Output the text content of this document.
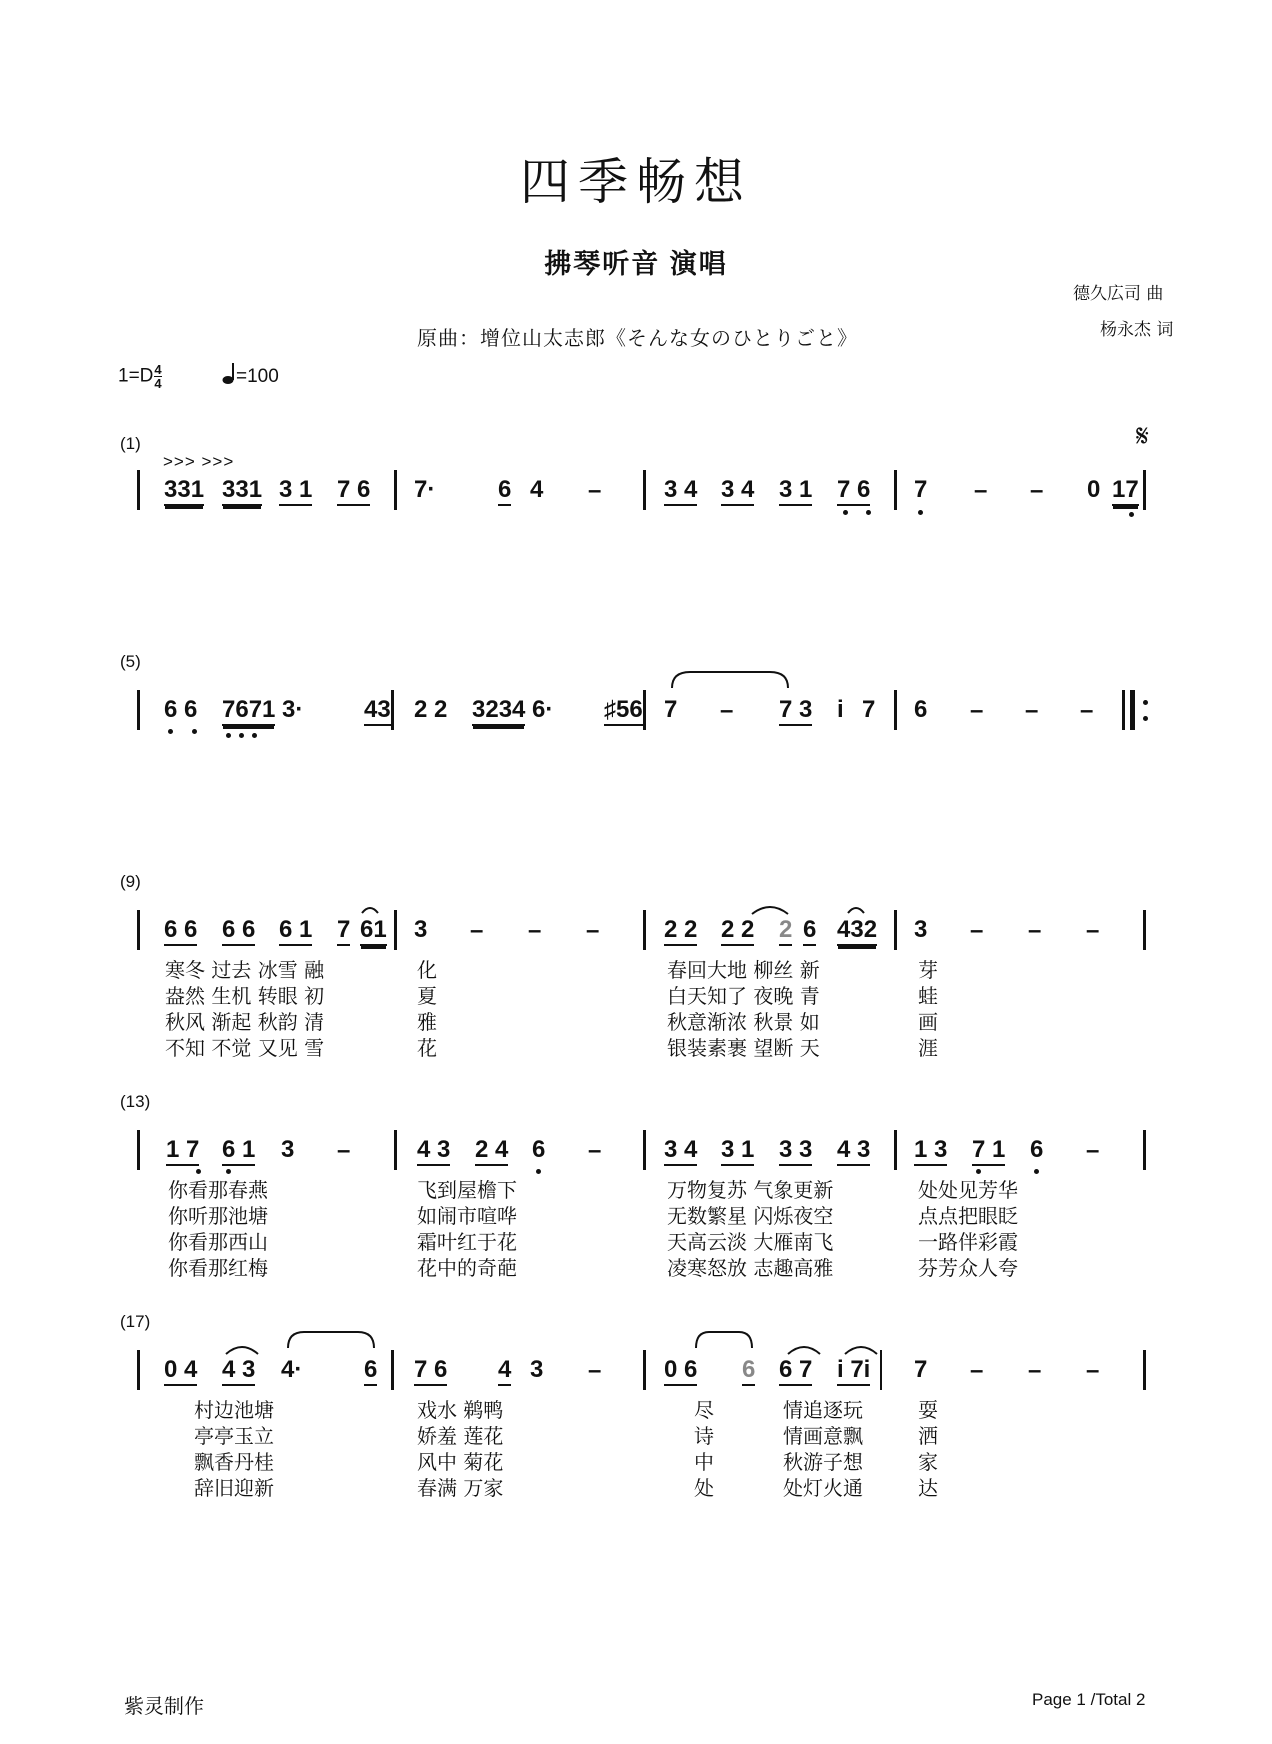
四季畅想
拂琴听音 演唱
德久広司 曲
杨永杰 词
原曲：增位山太志郎《そんな女のひとりごと》
$1=D \frac{4}{4}$	=100
(1)
>>> >>>
𝄋
331 331 3 1 7 6 7·	6 4 –	3 4 3 4 3 1 7 6 7 – – 0 17
(5)
6 6 7671 3·	43 2 2 3234 6· ♯56 7 – 7 3 i 7 6 – – –
(9)
6 6 6 6 6 1 7 61 3 – – –	2 2 2 2 2 6 432 3 – – –
寒冬 过去 冰雪 融	化	春回大地 柳丝 新	芽
盎然 生机 转眼 初	夏	白天知了 夜晚 青	蛙
秋风 渐起 秋韵 清	雅	秋意渐浓 秋景 如	画
不知 不觉 又见 雪	花	银装素裹 望断 天	涯
(13)
1 7 6 1 3 –	4 3 2 4 6 –	3 4 3 1 3 3 4 3 1 3 7 1 6 –
你看那春燕	飞到屋檐下	万物复苏 气象更新	处处见芳华
你听那池塘	如闹市喧哗	无数繁星 闪烁夜空	点点把眼眨
你看那西山	霜叶红于花	天高云淡 大雁南飞	一路伴彩霞
你看那红梅	花中的奇葩	凌寒怒放 志趣高雅	芬芳众人夸
(17)
0 4 4 3 4·	6 7 6 4 3 –	0 6 6 6 7 i 7i 7 – – –
村边池塘	戏水 鹈鸭	尽	情追逐玩	耍
亭亭玉立	娇羞 莲花	诗	情画意飘	洒
飘香丹桂	风中 菊花	中	秋游子想	家
辞旧迎新	春满 万家	处	处灯火通	达
紫灵制作	Page 1 /Total 2
